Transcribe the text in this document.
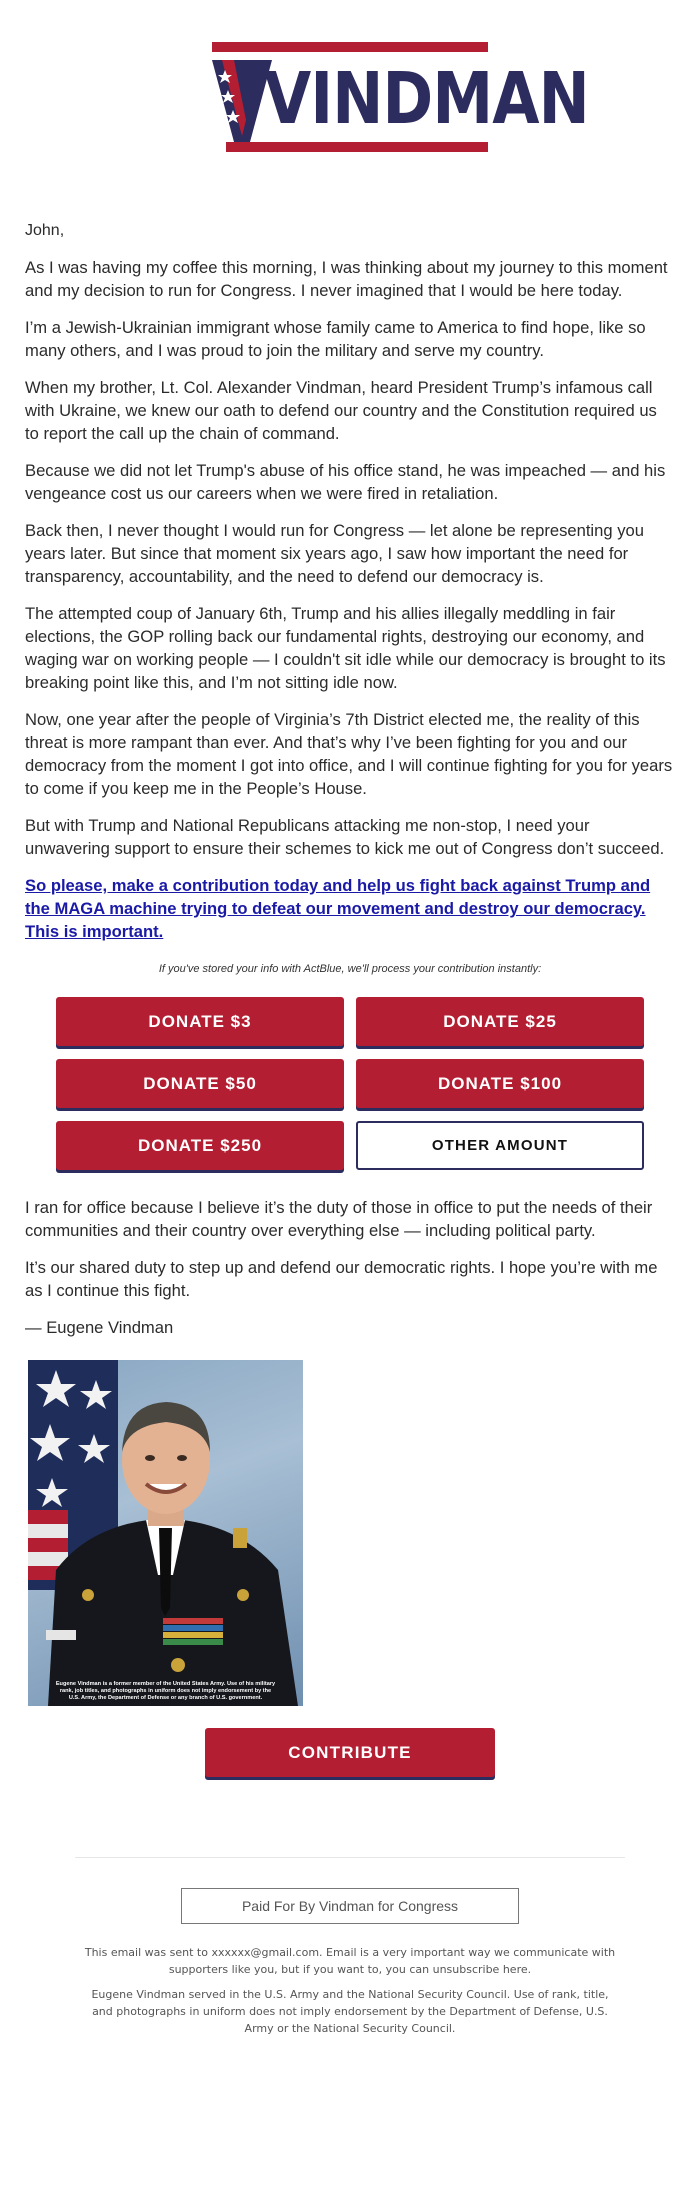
VINDMAN
John,

As I was having my coffee this morning, I was thinking about my journey to this moment and my decision to run for Congress. I never imagined that I would be here today.

I’m a Jewish-Ukrainian immigrant whose family came to America to find hope, like so many others, and I was proud to join the military and serve my country.

When my brother, Lt. Col. Alexander Vindman, heard President Trump’s infamous call with Ukraine, we knew our oath to defend our country and the Constitution required us to report the call up the chain of command.

Because we did not let Trump's abuse of his office stand, he was impeached — and his vengeance cost us our careers when we were fired in retaliation.

Back then, I never thought I would run for Congress — let alone be representing you years later. But since that moment six years ago, I saw how important the need for transparency, accountability, and the need to defend our democracy is.

The attempted coup of January 6th, Trump and his allies illegally meddling in fair elections, the GOP rolling back our fundamental rights, destroying our economy, and waging war on working people — I couldn't sit idle while our democracy is brought to its breaking point like this, and I’m not sitting idle now.

Now, one year after the people of Virginia’s 7th District elected me, the reality of this threat is more rampant than ever. And that’s why I’ve been fighting for you and our democracy from the moment I got into office, and I will continue fighting for you for years to come if you keep me in the People’s House.

But with Trump and National Republicans attacking me non-stop, I need your unwavering support to ensure their schemes to kick me out of Congress don’t succeed.

So please, make a contribution today and help us fight back against Trump and the MAGA machine trying to defeat our movement and destroy our democracy. This is important.
If you've stored your info with ActBlue, we'll process your contribution instantly:
DONATE $3	DONATE $25
DONATE $50	DONATE $100
DONATE $250	OTHER AMOUNT

I ran for office because I believe it’s the duty of those in office to put the needs of their communities and their country over everything else — including political party.

It’s our shared duty to step up and defend our democratic rights. I hope you’re with me as I continue this fight.

— Eugene Vindman
Eugene Vindman is a former member of the United States Army. Use of his military rank, job titles, and photographs in uniform does not imply endorsement by the U.S. Army, the Department of Defense or any branch of U.S. government.
CONTRIBUTE
Paid For By Vindman for Congress
This email was sent to xxxxxx@gmail.com. Email is a very important way we communicate with supporters like you, but if you want to, you can unsubscribe here.
Eugene Vindman served in the U.S. Army and the National Security Council. Use of rank, title, and photographs in uniform does not imply endorsement by the Department of Defense, U.S. Army or the National Security Council.
